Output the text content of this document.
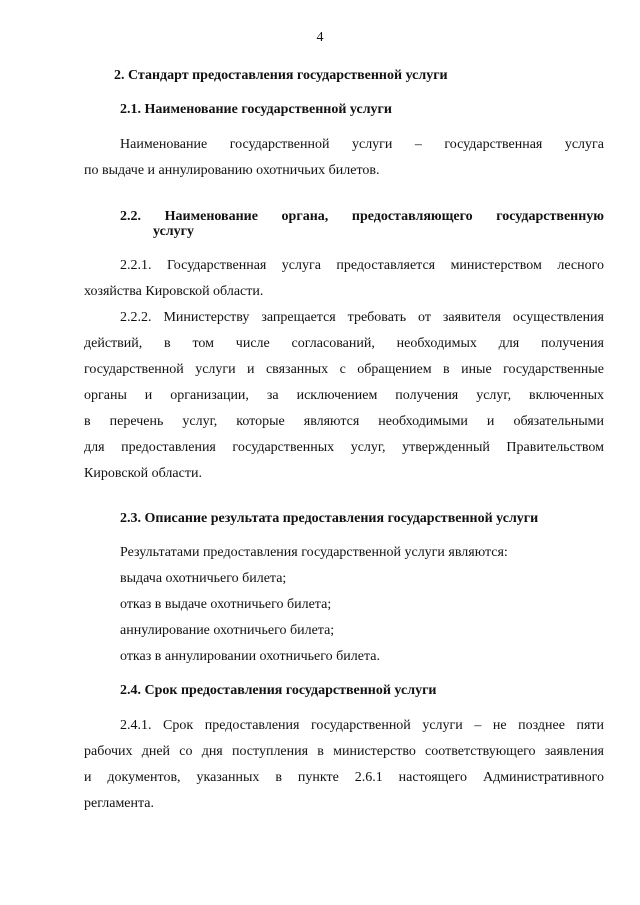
4
2. Стандарт предоставления государственной услуги
2.1. Наименование государственной услуги
Наименование государственной услуги – государственная услуга
по выдаче и аннулированию охотничьих билетов.
2.2. Наименование органа, предоставляющего государственную
услугу
2.2.1. Государственная услуга предоставляется министерством лесного
хозяйства Кировской области.
2.2.2. Министерству запрещается требовать от заявителя осуществления
действий, в том числе согласований, необходимых для получения
государственной услуги и связанных с обращением в иные государственные
органы и организации, за исключением получения услуг, включенных
в перечень услуг, которые являются необходимыми и обязательными
для предоставления государственных услуг, утвержденный Правительством
Кировской области.
2.3. Описание результата предоставления государственной услуги
Результатами предоставления государственной услуги являются:
выдача охотничьего билета;
отказ в выдаче охотничьего билета;
аннулирование охотничьего билета;
отказ в аннулировании охотничьего билета.
2.4. Срок предоставления государственной услуги
2.4.1. Срок предоставления государственной услуги – не позднее пяти
рабочих дней со дня поступления в министерство соответствующего заявления
и документов, указанных в пункте 2.6.1 настоящего Административного
регламента.
